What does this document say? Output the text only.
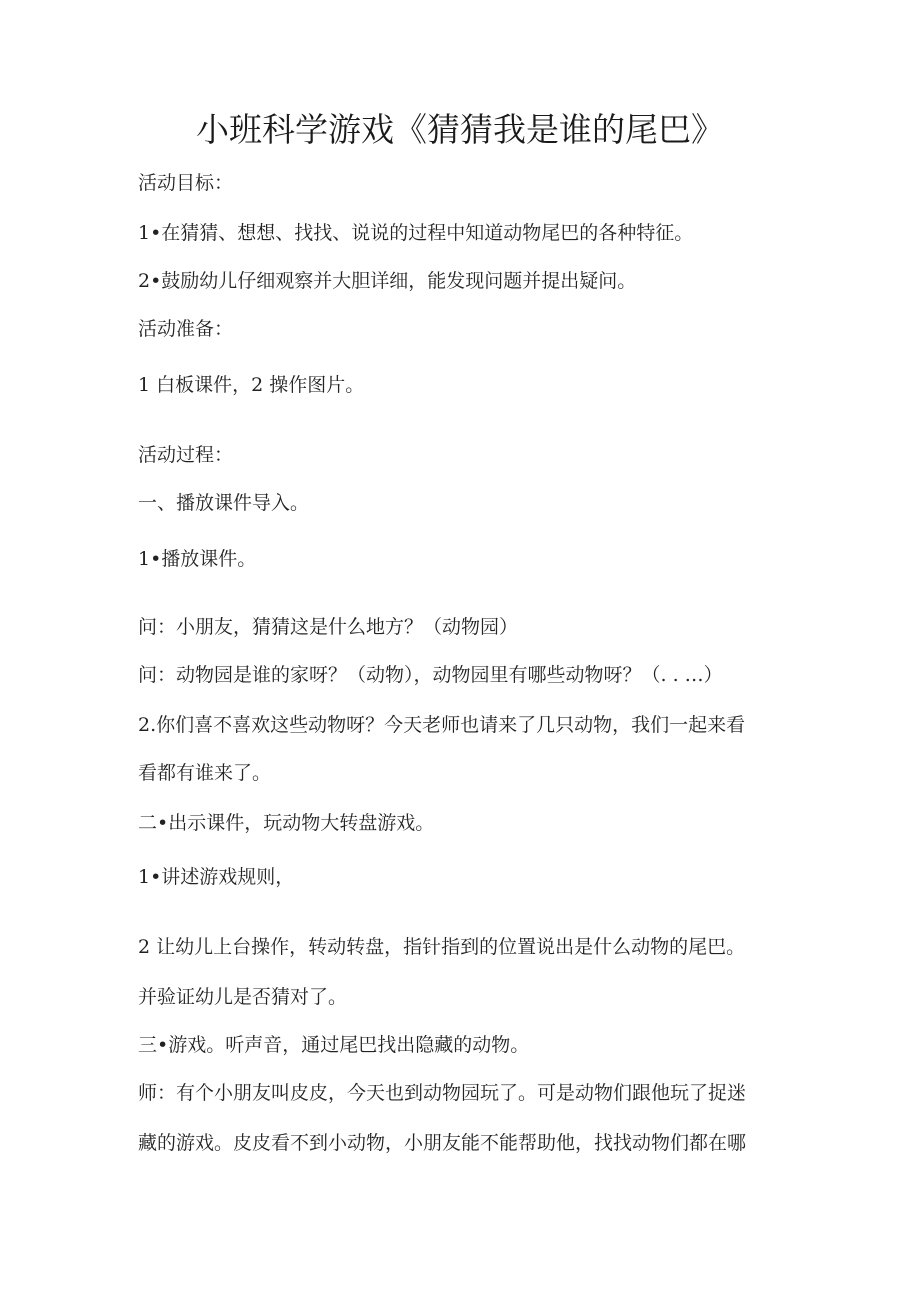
小班科学游戏《猜猜我是谁的尾巴》

活动目标：

1•在猜猜、想想、找找、说说的过程中知道动物尾巴的各种特征。

2•鼓励幼儿仔细观察并大胆详细，能发现问题并提出疑问。

活动准备：

1 白板课件，2 操作图片。

活动过程：

一、播放课件导入。

1•播放课件。

问：小朋友，猜猜这是什么地方？（动物园）

问：动物园是谁的家呀？（动物），动物园里有哪些动物呀？（. . …）

2.你们喜不喜欢这些动物呀？今天老师也请来了几只动物，我们一起来看

看都有谁来了。

二•出示课件，玩动物大转盘游戏。

1•讲述游戏规则，

2 让幼儿上台操作，转动转盘，指针指到的位置说出是什么动物的尾巴。

并验证幼儿是否猜对了。

三•游戏。听声音，通过尾巴找出隐藏的动物。

师：有个小朋友叫皮皮，今天也到动物园玩了。可是动物们跟他玩了捉迷

藏的游戏。皮皮看不到小动物，小朋友能不能帮助他，找找动物们都在哪
